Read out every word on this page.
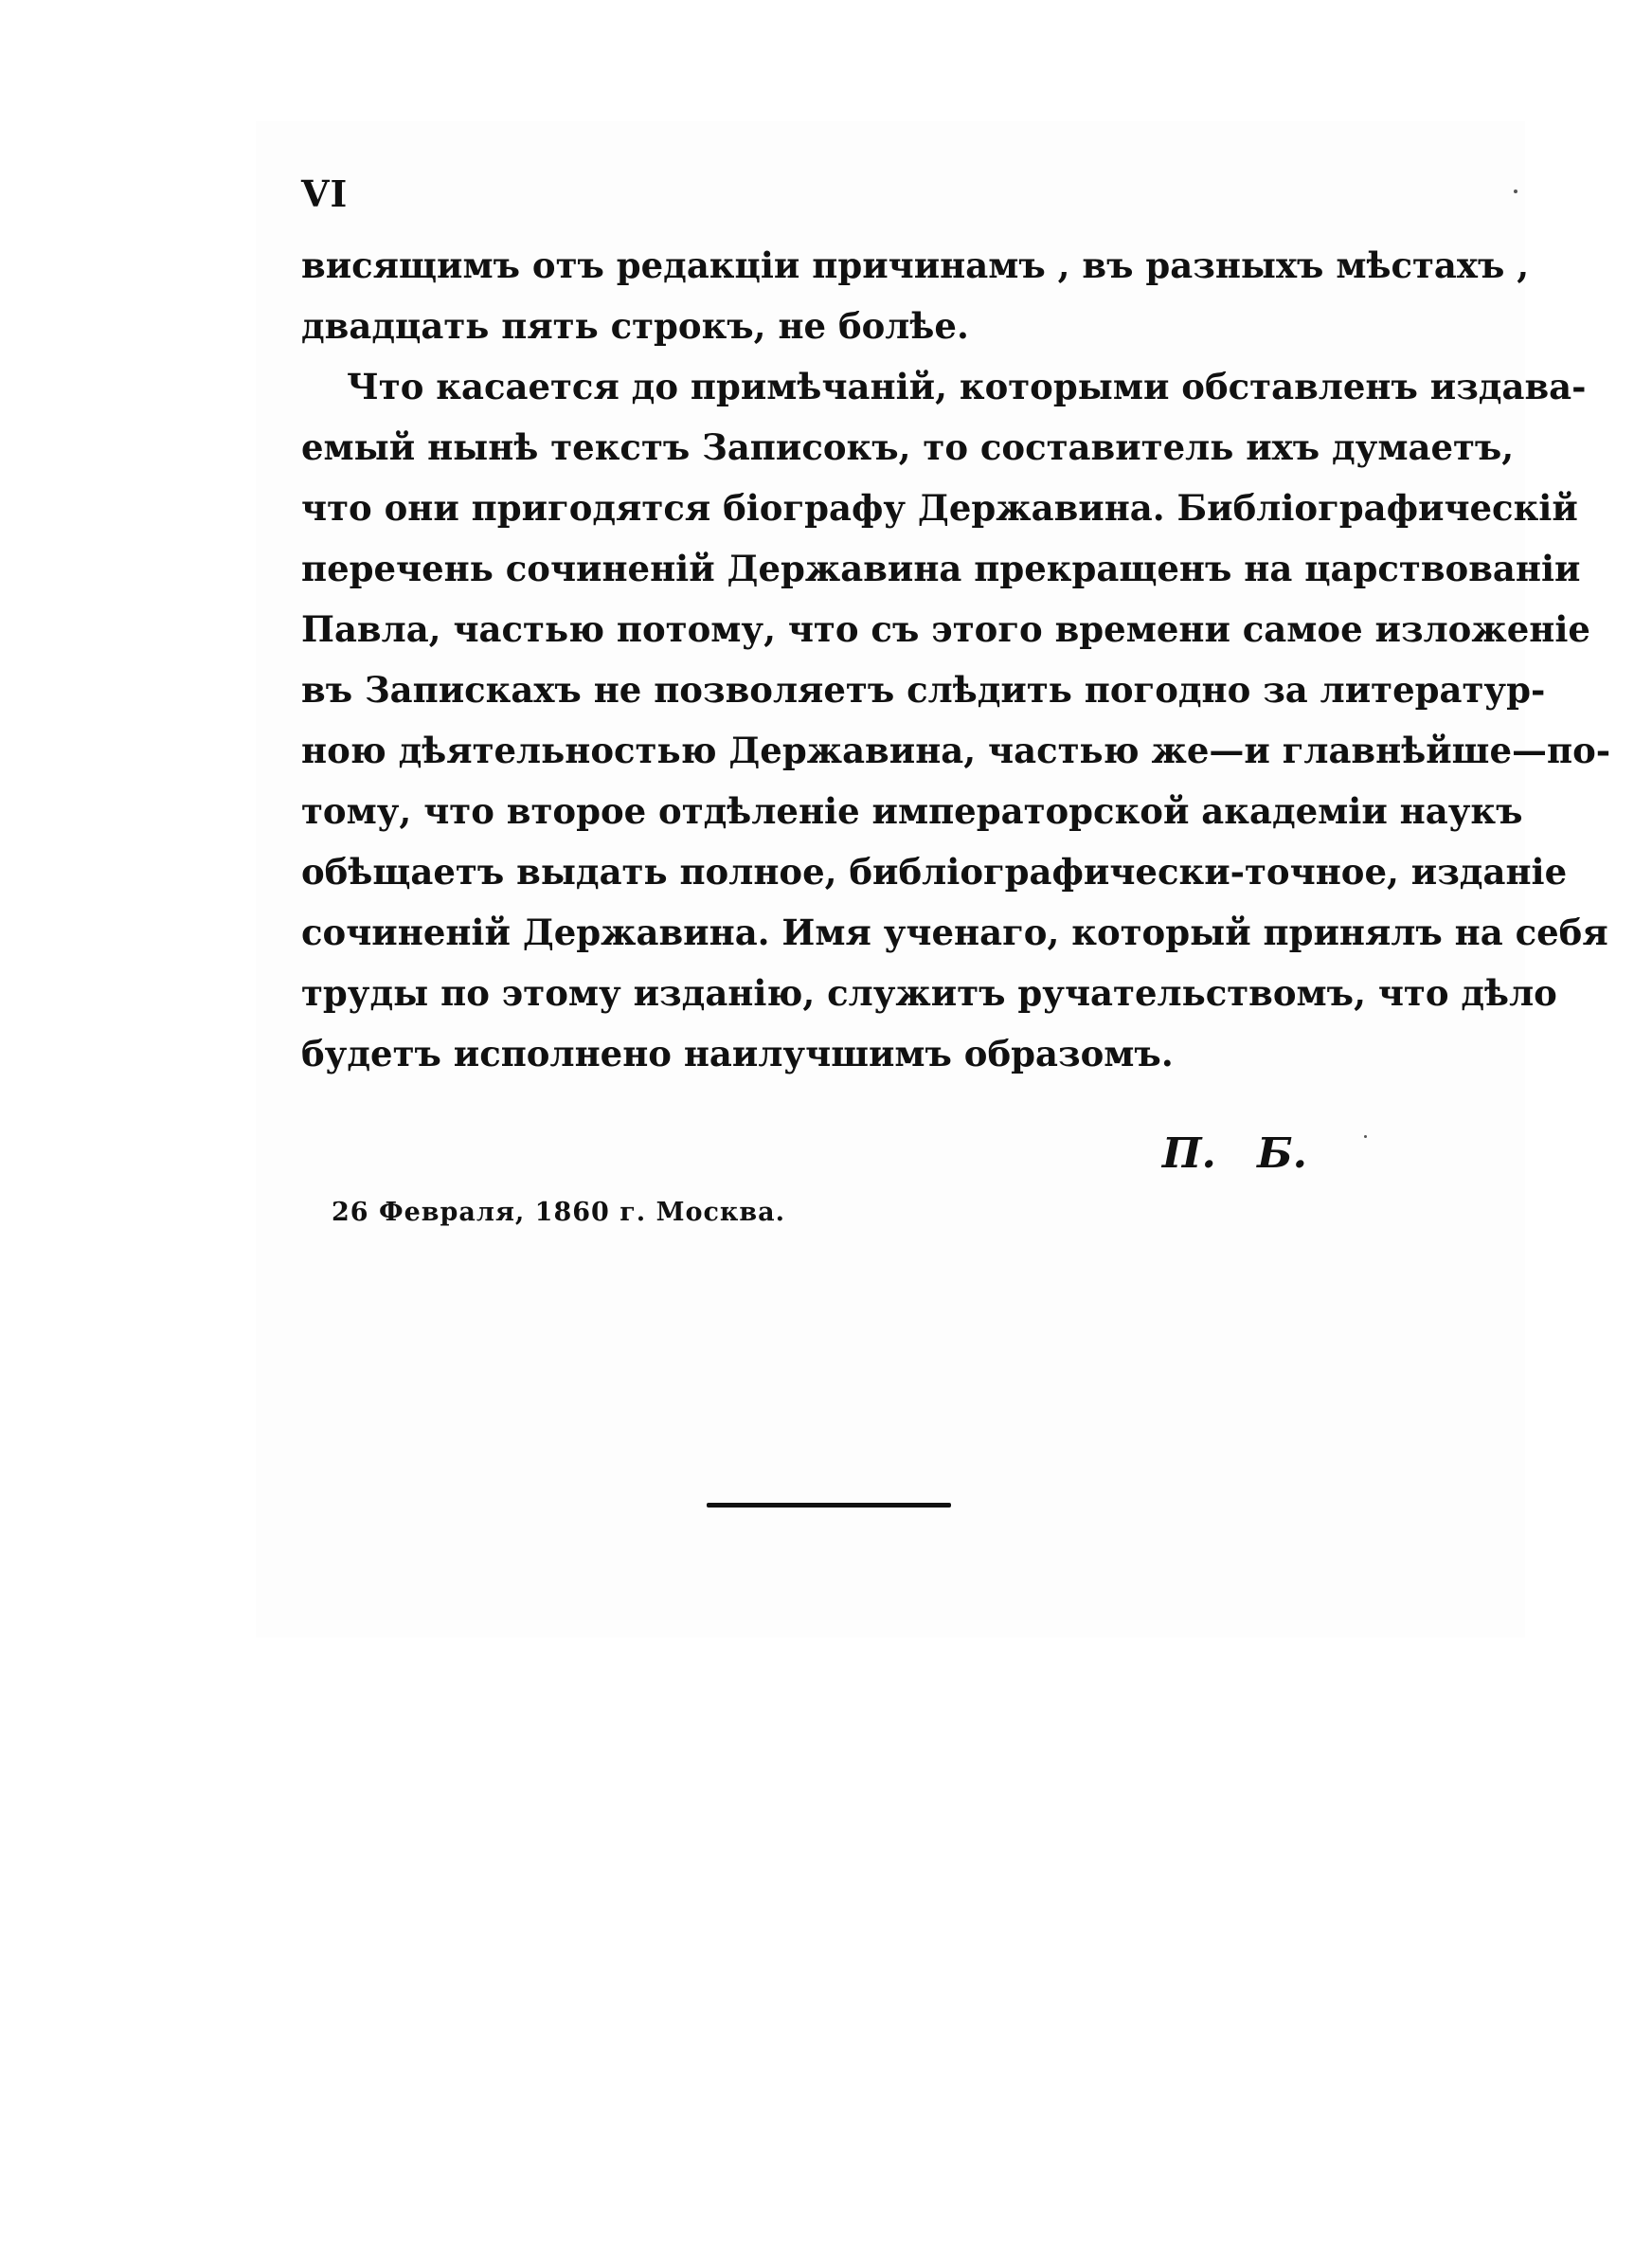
VI
висящимъ отъ редакціи причинамъ , въ разныхъ мѣстахъ ,
двадцать пять строкъ, не болѣе.
Что касается до примѣчаній, которыми обставленъ издава-
емый нынѣ текстъ Записокъ, то составитель ихъ думаетъ,
что они пригодятся біографу Державина. Библіографическій
перечень сочиненій Державина прекращенъ на царствованіи
Павла, частью потому, что съ этого времени самое изложеніе
въ Запискахъ не позволяетъ слѣдить погодно за литератур-
ною дѣятельностью Державина, частью же—и главнѣйше—по-
тому, что второе отдѣленіе императорской академіи наукъ
обѣщаетъ выдать полное, библіографически-точное, изданіе
сочиненій Державина. Имя ученаго, который принялъ на себя
труды по этому изданію, служитъ ручательствомъ, что дѣло
будетъ исполнено наилучшимъ образомъ.
П. Б.
26 Февраля, 1860 г. Москва.
